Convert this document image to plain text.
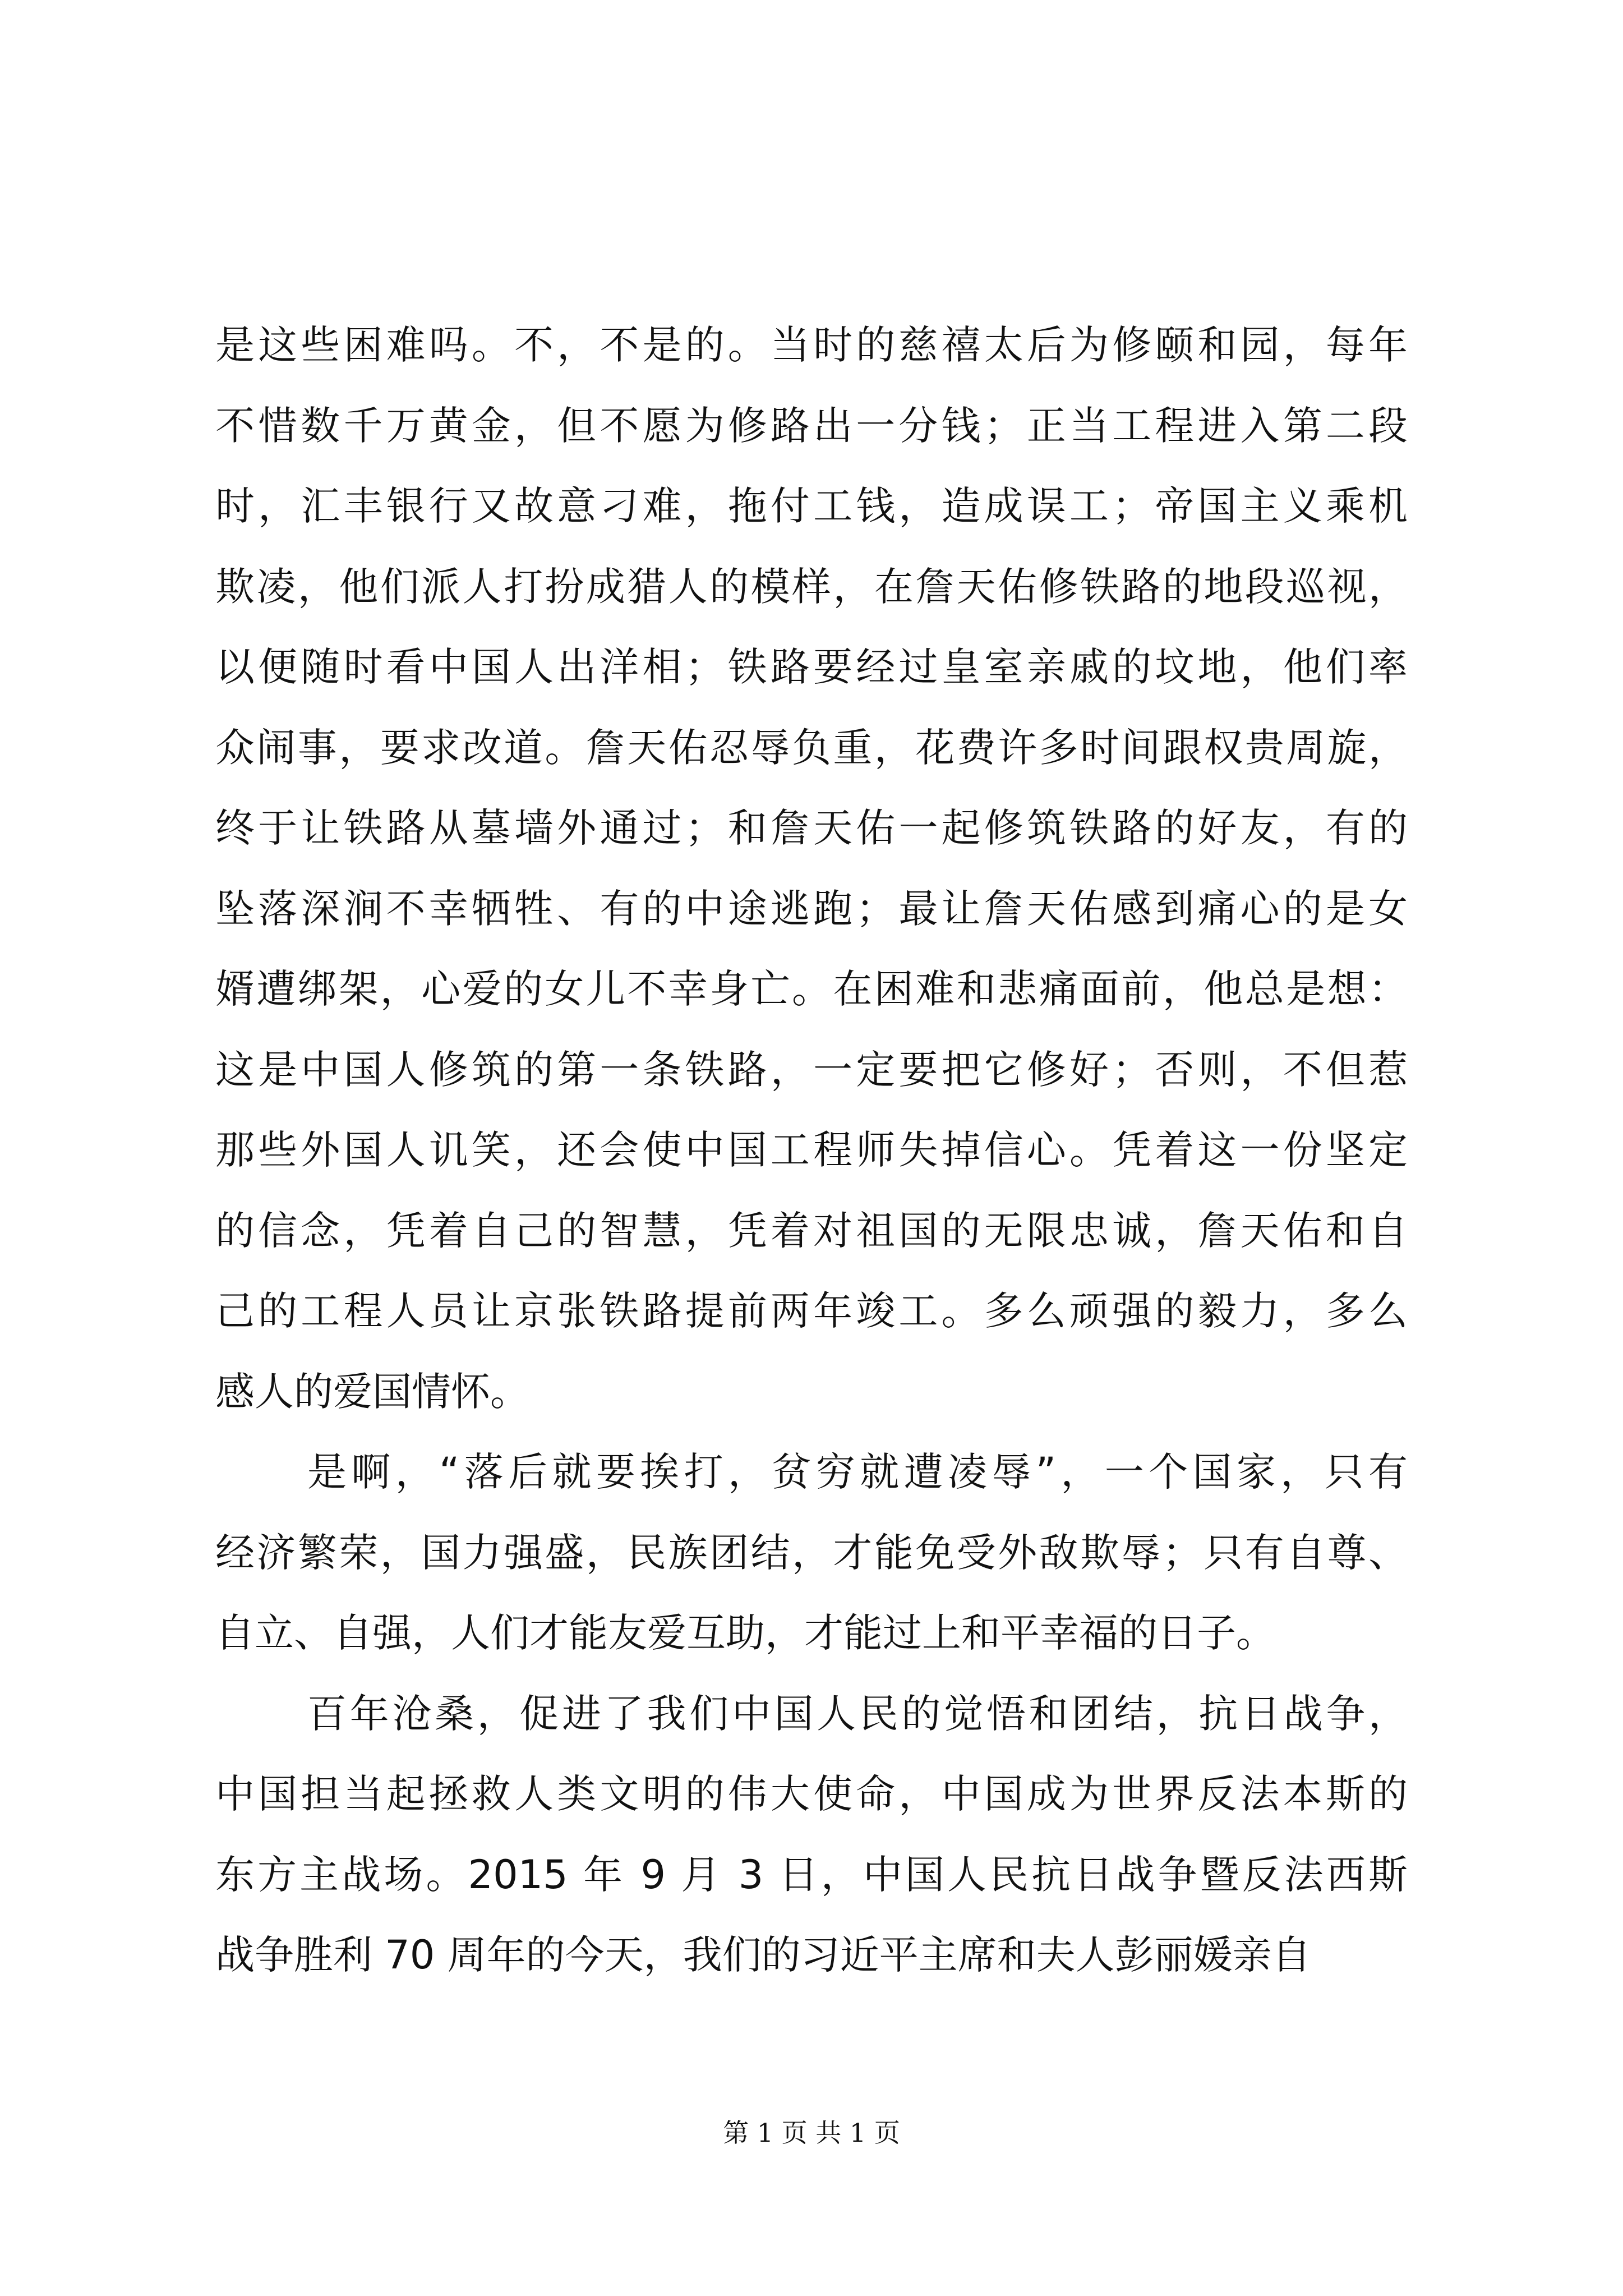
是这些困难吗。不，不是的。当时的慈禧太后为修颐和园，每年
不惜数千万黄金，但不愿为修路出一分钱；正当工程进入第二段
时，汇丰银行又故意刁难，拖付工钱，造成误工；帝国主义乘机
欺凌，他们派人打扮成猎人的模样，在詹天佑修铁路的地段巡视，
以便随时看中国人出洋相；铁路要经过皇室亲戚的坟地，他们率
众闹事，要求改道。詹天佑忍辱负重，花费许多时间跟权贵周旋，
终于让铁路从墓墙外通过；和詹天佑一起修筑铁路的好友，有的
坠落深涧不幸牺牲、有的中途逃跑；最让詹天佑感到痛心的是女
婿遭绑架，心爱的女儿不幸身亡。在困难和悲痛面前，他总是想：
这是中国人修筑的第一条铁路，一定要把它修好；否则，不但惹
那些外国人讥笑，还会使中国工程师失掉信心。凭着这一份坚定
的信念，凭着自己的智慧，凭着对祖国的无限忠诚，詹天佑和自
己的工程人员让京张铁路提前两年竣工。多么顽强的毅力，多么
感人的爱国情怀。
是啊，“落后就要挨打，贫穷就遭凌辱”，一个国家，只有
经济繁荣，国力强盛，民族团结，才能免受外敌欺辱；只有自尊、
自立、自强，人们才能友爱互助，才能过上和平幸福的日子。
百年沧桑，促进了我们中国人民的觉悟和团结，抗日战争，
中国担当起拯救人类文明的伟大使命，中国成为世界反法本斯的
东方主战场。2015 年 9 月 3 日，中国人民抗日战争暨反法西斯
战争胜利 70 周年的今天，我们的习近平主席和夫人彭丽媛亲自
第 1 页 共 1 页
